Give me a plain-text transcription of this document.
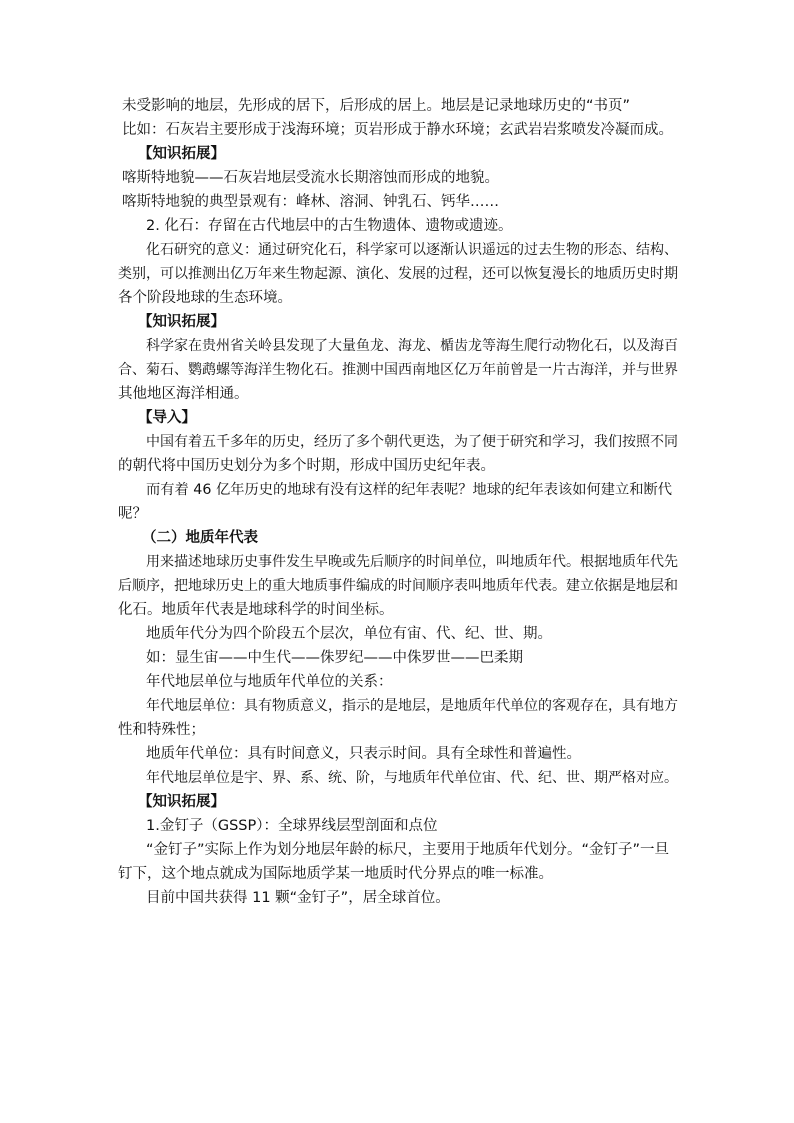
未受影响的地层，先形成的居下，后形成的居上。地层是记录地球历史的“书页”

比如：石灰岩主要形成于浅海环境；页岩形成于静水环境；玄武岩岩浆喷发冷凝而成。

【知识拓展】

喀斯特地貌——石灰岩地层受流水长期溶蚀而形成的地貌。

喀斯特地貌的典型景观有：峰林、溶洞、钟乳石、钙华……

2. 化石：存留在古代地层中的古生物遗体、遗物或遗迹。

化石研究的意义：通过研究化石，科学家可以逐渐认识遥远的过去生物的形态、结构、

类别，可以推测出亿万年来生物起源、演化、发展的过程，还可以恢复漫长的地质历史时期

各个阶段地球的生态环境。

【知识拓展】

科学家在贵州省关岭县发现了大量鱼龙、海龙、楯齿龙等海生爬行动物化石，以及海百

合、菊石、鹦鹉螺等海洋生物化石。推测中国西南地区亿万年前曾是一片古海洋，并与世界

其他地区海洋相通。

【导入】

中国有着五千多年的历史，经历了多个朝代更迭，为了便于研究和学习，我们按照不同

的朝代将中国历史划分为多个时期，形成中国历史纪年表。

而有着 46 亿年历史的地球有没有这样的纪年表呢？地球的纪年表该如何建立和断代

呢？

（二）地质年代表

用来描述地球历史事件发生早晚或先后顺序的时间单位，叫地质年代。根据地质年代先

后顺序，把地球历史上的重大地质事件编成的时间顺序表叫地质年代表。建立依据是地层和

化石。地质年代表是地球科学的时间坐标。

地质年代分为四个阶段五个层次，单位有宙、代、纪、世、期。

如：显生宙——中生代——侏罗纪——中侏罗世——巴柔期

年代地层单位与地质年代单位的关系：

年代地层单位：具有物质意义，指示的是地层，是地质年代单位的客观存在，具有地方

性和特殊性；

地质年代单位：具有时间意义，只表示时间。具有全球性和普遍性。

年代地层单位是宇、界、系、统、阶，与地质年代单位宙、代、纪、世、期严格对应。

【知识拓展】

1.金钉子（GSSP）：全球界线层型剖面和点位

“金钉子”实际上作为划分地层年龄的标尺，主要用于地质年代划分。“金钉子”一旦

钉下，这个地点就成为国际地质学某一地质时代分界点的唯一标准。

目前中国共获得 11 颗“金钉子”，居全球首位。
